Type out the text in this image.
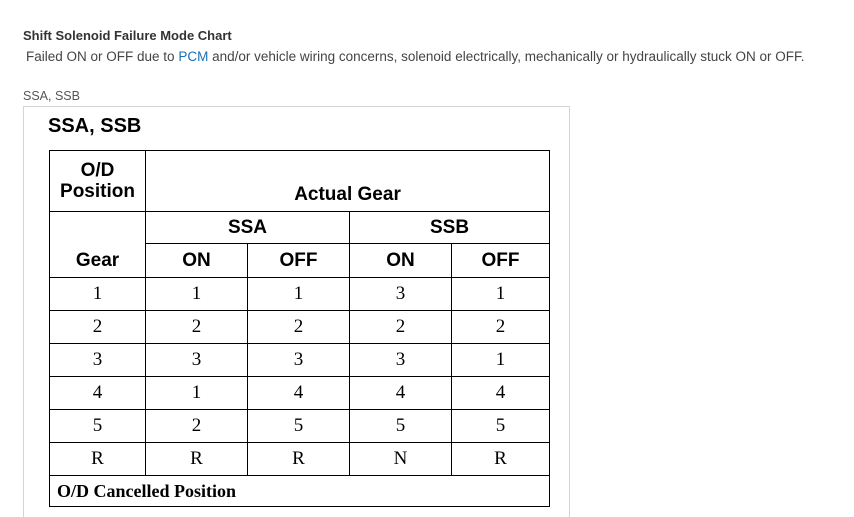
Shift Solenoid Failure Mode Chart
Failed ON or OFF due to PCM and/or vehicle wiring concerns, solenoid electrically, mechanically or hydraulically stuck ON or OFF.
SSA, SSB
SSA, SSB
O/D
Position	Actual Gear			
Gear	SSA		SSB	
	ON	OFF	ON	OFF
1	1	1	3	1
2	2	2	2	2
3	3	3	3	1
4	1	4	4	4
5	2	5	5	5
R	R	R	N	R
O/D Cancelled Position				
